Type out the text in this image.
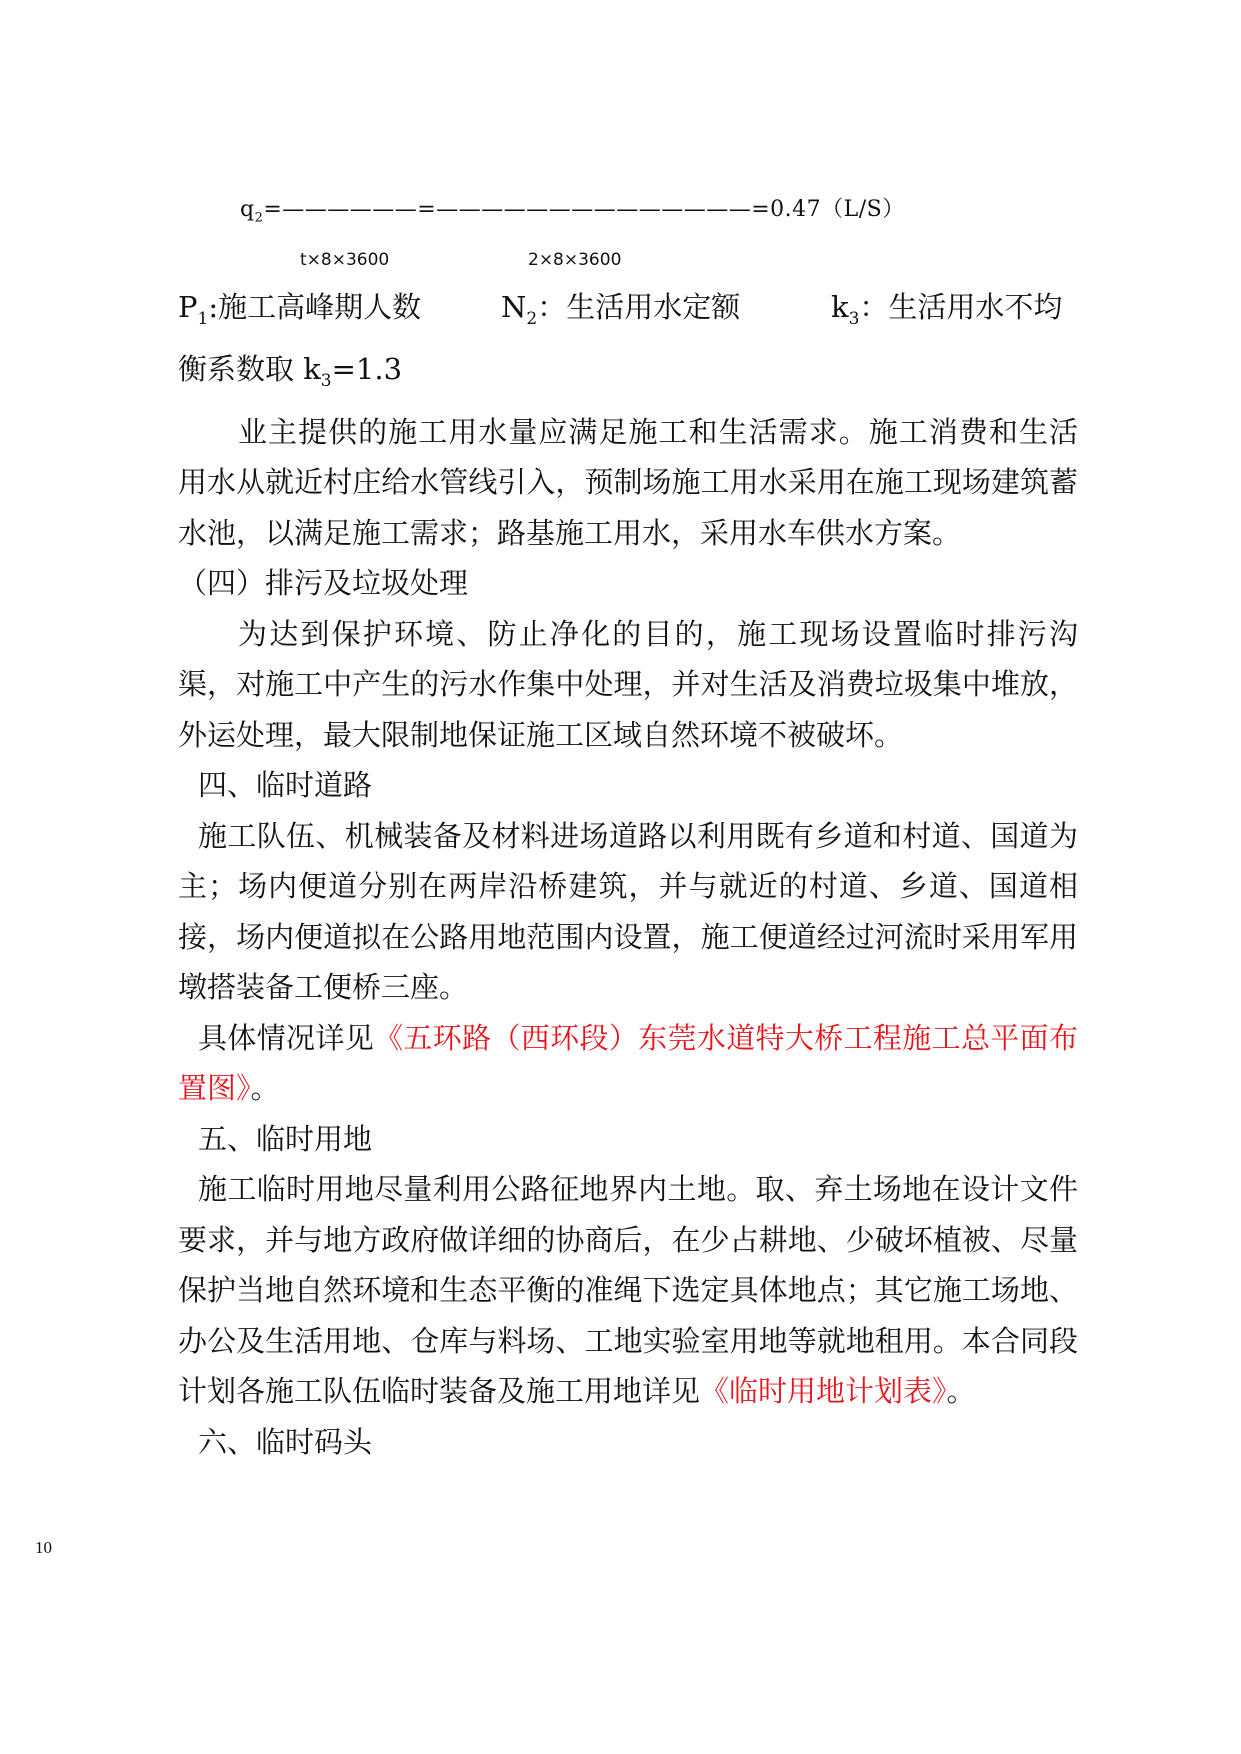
$q_2=——————=——————————————=0.47(L/S)$
t×8×3600	2×8×3600
$P_1$:施工高峰期人数	$N_2$：生活用水定额	$k_3$：生活用水不均

衡系数取 $k_3=1.3$

业主提供的施工用水量应满足施工和生活需求。施工消费和生活用水从就近村庄给水管线引入，预制场施工用水采用在施工现场建筑蓄水池，以满足施工需求；路基施工用水，采用水车供水方案。

（四）排污及垃圾处理

为达到保护环境、防止净化的目的，施工现场设置临时排污沟渠，对施工中产生的污水作集中处理，并对生活及消费垃圾集中堆放，外运处理，最大限制地保证施工区域自然环境不被破坏。

四、临时道路

施工队伍、机械装备及材料进场道路以利用既有乡道和村道、国道为主；场内便道分别在两岸沿桥建筑，并与就近的村道、乡道、国道相接，场内便道拟在公路用地范围内设置，施工便道经过河流时采用军用墩搭装备工便桥三座。

具体情况详见《五环路（西环段）东莞水道特大桥工程施工总平面布置图》。

五、临时用地

施工临时用地尽量利用公路征地界内土地。取、弃土场地在设计文件要求，并与地方政府做详细的协商后，在少占耕地、少破坏植被、尽量保护当地自然环境和生态平衡的准绳下选定具体地点；其它施工场地、办公及生活用地、仓库与料场、工地实验室用地等就地租用。本合同段计划各施工队伍临时装备及施工用地详见《临时用地计划表》。

六、临时码头

10
